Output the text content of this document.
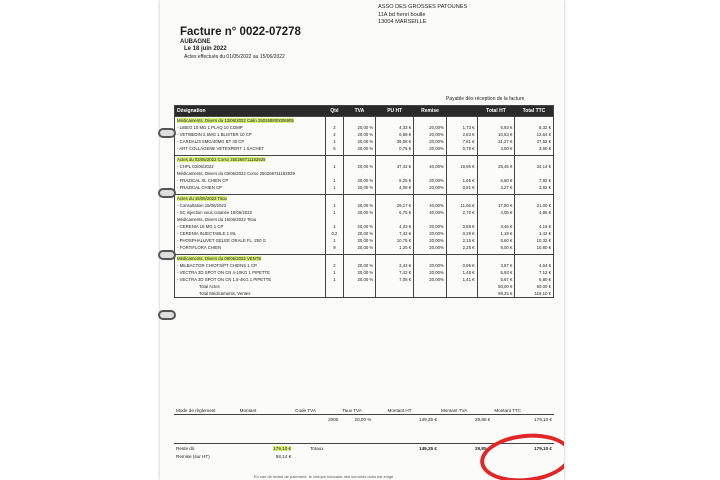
Facture n° 0022-07278
AUBAGNE
Le 18 juin 2022
Actes effectués du 01/05/2022 au 15/06/2022
ASSO DES GROSSES PATOUNES
11A bd henri boulle
13004 MARSEILLE
Payable dès réception de la facture
Désignation	Qté	TVA	PU HT	Remise		Total HT	Total TTC
Médicaments, Divers du 13/06/2022 Calin 250268800006905							
- LIBEO 10 MG 1 PLAQ 10 COMP	2	20,00 %	4,33 €	20,00%	1,73 €	6,93 €	8,32 €
- VETMEDIN 2,5MG 1 BLISTER 10 CP	2	20,00 %	6,58 €	20,00%	2,63 €	10,53 €	12,64 €
- CARDALIS 5MG/40MG BT 30 CP	1	20,00 %	39,08 €	20,00%	7,81 €	31,27 €	37,52 €
- ART COLLAGENE VETEXPERT 1 SACHET	5	20,00 %	0,75 €	20,00%	0,75 €	3,00 €	3,60 €

Actes du 03/06/2022 Corso 250268711182929							
- CHPL 03/06/2022	1	20,00 %	47,42 €	40,00%	18,96 €	28,45 €	34,14 €
Médicaments, Divers du 03/06/2022 Corso 250268711182929							
- FRAZICAL XL CHIEN CP	1	20,00 %	8,25 €	20,00%	1,65 €	6,60 €	7,92 €
- FRAZICAL CHIEN CP	1	20,00 %	4,08 €	20,00%	0,81 €	3,27 €	3,92 €

Actes du 15/06/2022 Titou							
- Consultation 15/06/2022	1	20,00 %	29,17 €	40,00%	11,66 €	17,50 €	21,00 €
- SC injection sous cutanée 15/06/2022	1	20,00 %	6,75 €	40,00%	2,70 €	4,05 €	4,86 €
Médicaments, Divers du 15/06/2022 Titou							
- CERENIA 16 MG 1 CP	1	20,00 %	4,33 €	20,00%	0,86 €	3,46 €	4,16 €
- CERENIA INJECTABLE 1 ML	0,2	20,00 %	7,42 €	20,00%	0,29 €	1,19 €	1,42 €
- PHOSPHALUVET GELEE ORALE FL. 250 G	1	20,00 %	10,75 €	20,00%	2,15 €	8,60 €	10,32 €
- FORTIFLORA CHIEN	9	20,00 %	1,25 €	20,00%	2,25 €	9,00 €	10,80 €

Médicaments, Divers du 09/06/2022 VENTE							
- MILBACTOR CHIOTS/PT CHIENS 1 CP.	2	20,00 %	2,42 €	20,00%	0,96 €	3,87 €	4,64 €
- VECTRA 3D SPOT ON CN 4-10KG 1 PIPETTE	1	20,00 %	7,42 €	20,00%	1,48 €	5,93 €	7,12 €
- VECTRA 3D SPOT ON CN 1,5-4KG 1 PIPETTE	1	20,00 %	7,08 €	20,00%	1,41 €	5,67 €	6,80 €
Total Actes						50,00 €	60,00 €
Total Médicaments, Ventes						99,25 €	119,10 €
Mode de règlement	Montant	Code TVA	Taux TVA	Montant HT	Montant TVA	Montant TTC
		2000	20,00 %	149,25 €	29,85 €	179,10 €

Reste dû	179,10 €	Totaux		149,25 €	29,85 €	179,10 €
Remise (sur HT)	58,14 €					
En cas de retard de paiement, le chèque bancaire des sommes dues est exigé
